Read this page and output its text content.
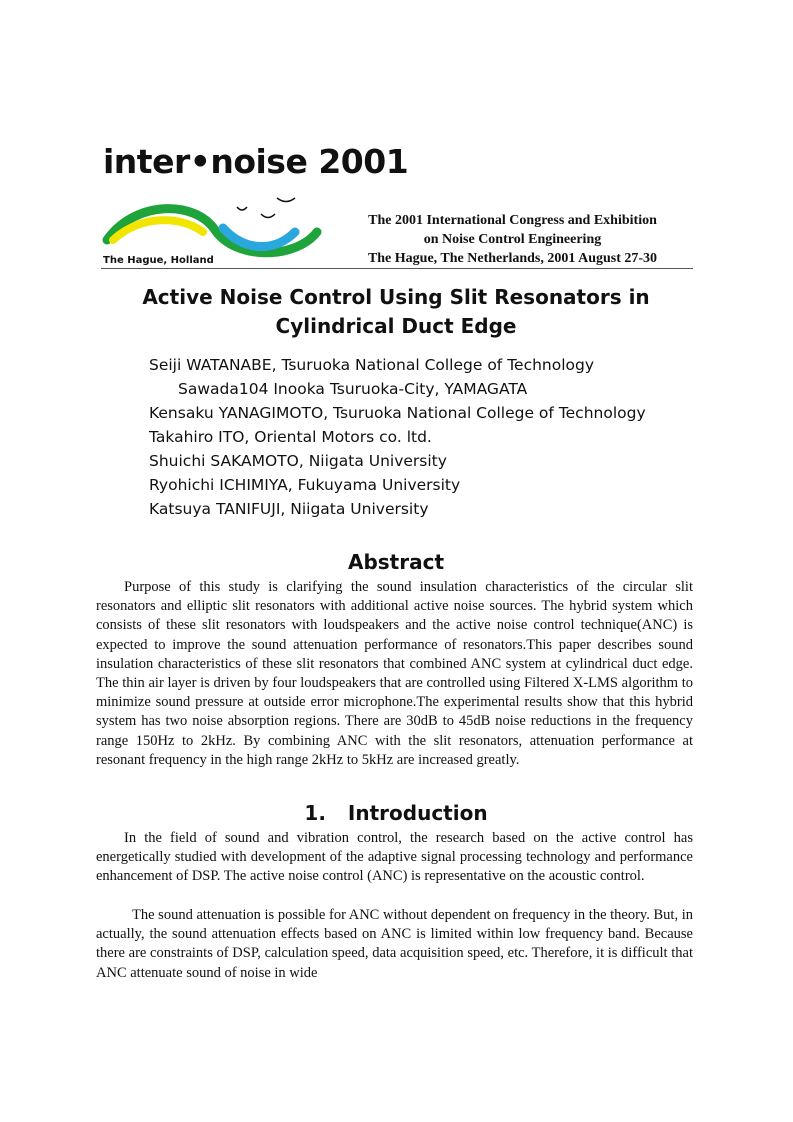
inter•noise 2001
The Hague, Holland
The 2001 International Congress and Exhibition
on Noise Control Engineering
The Hague, The Netherlands, 2001 August 27-30
Active Noise Control Using Slit Resonators in Cylindrical Duct Edge
Seiji WATANABE, Tsuruoka National College of Technology
Sawada104 Inooka Tsuruoka-City, YAMAGATA
Kensaku YANAGIMOTO, Tsuruoka National College of Technology
Takahiro ITO, Oriental Motors co. ltd.
Shuichi SAKAMOTO, Niigata University
Ryohichi ICHIMIYA, Fukuyama University
Katsuya TANIFUJI, Niigata University
Abstract
Purpose of this study is clarifying the sound insulation characteristics of the circular slit resonators and elliptic slit resonators with additional active noise sources. The hybrid system which consists of these slit resonators with loudspeakers and the active noise control technique(ANC) is expected to improve the sound attenuation performance of resonators.This paper describes sound insulation characteristics of these slit resonators that combined ANC system at cylindrical duct edge. The thin air layer is driven by four loudspeakers that are controlled using Filtered X-LMS algorithm to minimize sound pressure at outside error microphone.The experimental results show that this hybrid system has two noise absorption regions. There are 30dB to 45dB noise reductions in the frequency range 150Hz to 2kHz. By combining ANC with the slit resonators, attenuation performance at resonant frequency in the high range 2kHz to 5kHz are increased greatly.
1. Introduction
In the field of sound and vibration control, the research based on the active control has energetically studied with development of the adaptive signal processing technology and performance enhancement of DSP. The active noise control (ANC) is representative on the acoustic control.
The sound attenuation is possible for ANC without dependent on frequency in the theory. But, in actually, the sound attenuation effects based on ANC is limited within low frequency band. Because there are constraints of DSP, calculation speed, data acquisition speed, etc. Therefore, it is difficult that ANC attenuate sound of noise in wide
